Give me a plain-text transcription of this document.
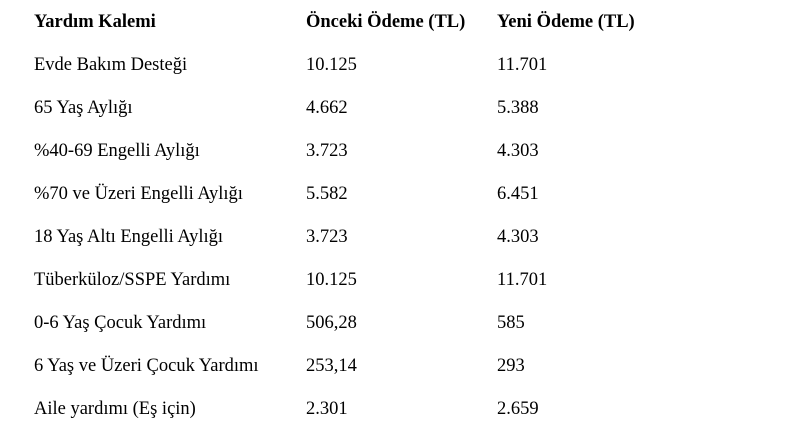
Yardım Kalemi	Önceki Ödeme (TL)	Yeni Ödeme (TL)
Evde Bakım Desteği	10.125	11.701
65 Yaş Aylığı	4.662	5.388
%40-69 Engelli Aylığı	3.723	4.303
%70 ve Üzeri Engelli Aylığı	5.582	6.451
18 Yaş Altı Engelli Aylığı	3.723	4.303
Tüberküloz/SSPE Yardımı	10.125	11.701
0-6 Yaş Çocuk Yardımı	506,28	585
6 Yaş ve Üzeri Çocuk Yardımı	253,14	293
Aile yardımı (Eş için)	2.301	2.659
